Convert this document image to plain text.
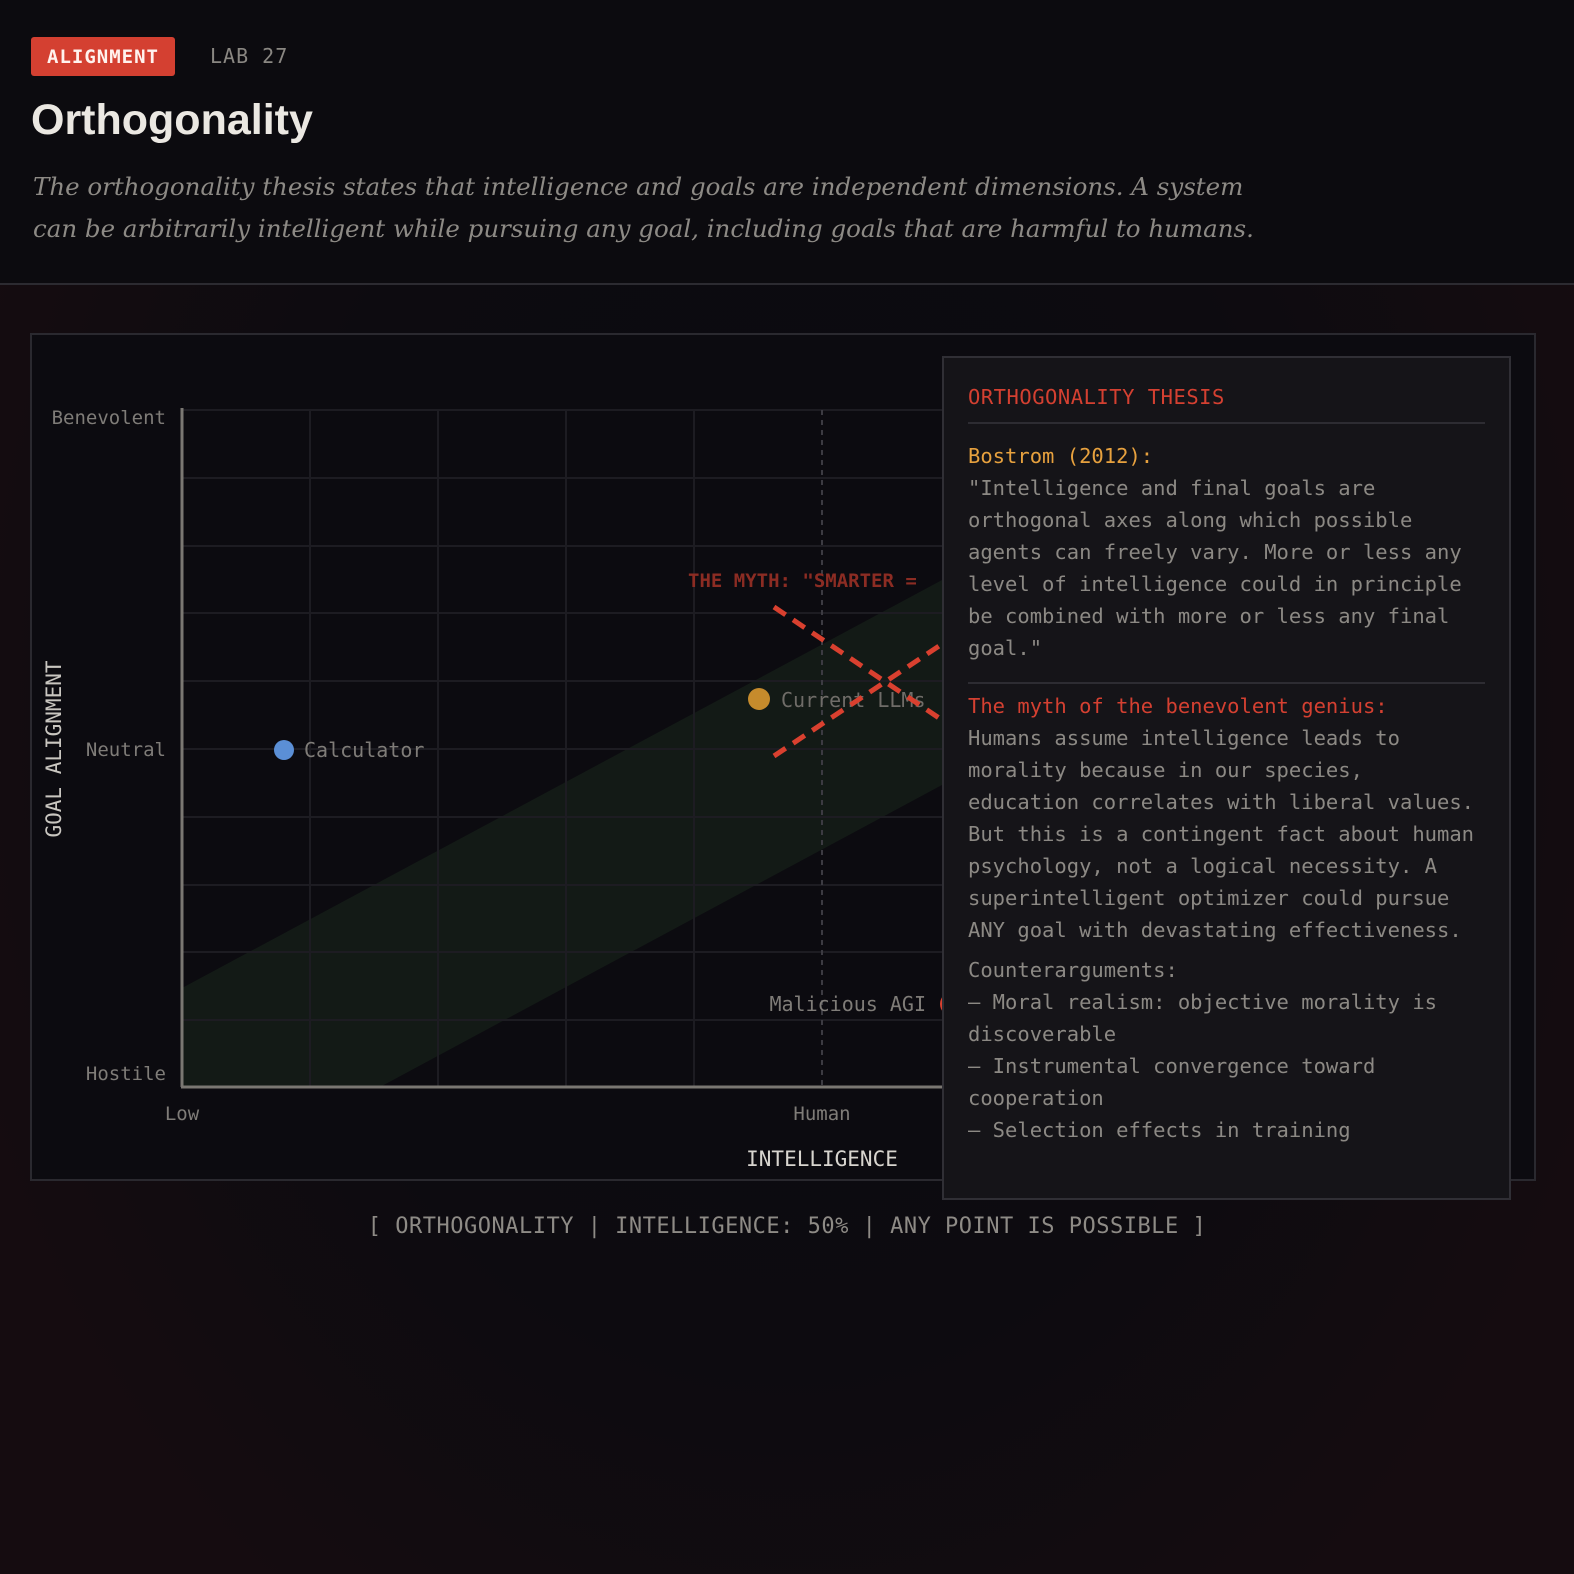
ALIGNMENT	LAB 27
Orthogonality

The orthogonality thesis states that intelligence and goals are independent dimensions. A system can be arbitrarily intelligent while pursuing any goal, including goals that are harmful to humans.

Benevolent
Neutral
Hostile
GOAL ALIGNMENT
Low	Human
INTELLIGENCE
THE MYTH: "SMARTER =
Calculator
Current LLMs
Malicious AGI
ORTHOGONALITY THESIS
Bostrom (2012):

"Intelligence and final goals are orthogonal axes along which possible agents can freely vary. More or less any level of intelligence could in principle be combined with more or less any final goal."

The myth of the benevolent genius:
Humans assume intelligence leads to morality because in our species, education correlates with liberal values. But this is a contingent fact about human psychology, not a logical necessity. A superintelligent optimizer could pursue ANY goal with devastating effectiveness.
Counterarguments:
– Moral realism: objective morality is discoverable
– Instrumental convergence toward cooperation
– Selection effects in training
[ ORTHOGONALITY | INTELLIGENCE: 50% | ANY POINT IS POSSIBLE ]
